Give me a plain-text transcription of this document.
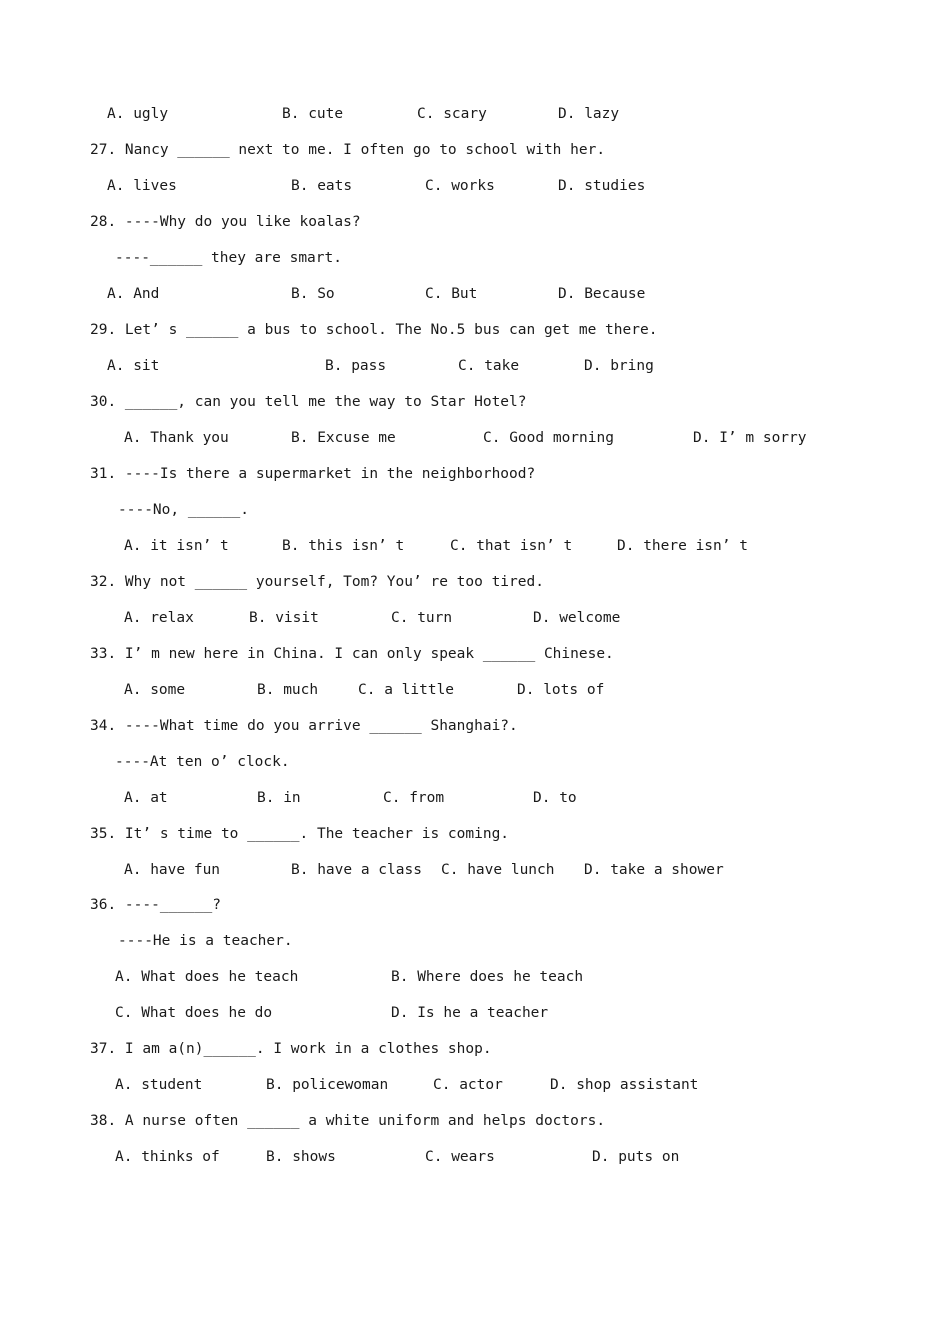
A. ugly	B. cute	C. scary	D. lazy
27. Nancy ______ next to me. I often go to school with her.
A. lives	B. eats	C. works	D. studies
28. ----Why do you like koalas?
----______ they are smart.
A. And	B. So	C. But	D. Because
29. Let’ s ______ a bus to school. The No.5 bus can get me there.
A. sit	B. pass	C. take	D. bring
30. ______, can you tell me the way to Star Hotel?
A. Thank you	B. Excuse me	C. Good morning	D. I’ m sorry
31. ----Is there a supermarket in the neighborhood?
----No, ______.
A. it isn’ t	B. this isn’ t	C. that isn’ t	D. there isn’ t
32. Why not ______ yourself, Tom? You’ re too tired.
A. relax	B. visit	C. turn	D. welcome
33. I’ m new here in China. I can only speak ______ Chinese.
A. some	B. much	C. a little	D. lots of
34. ----What time do you arrive ______ Shanghai?.
----At ten o’ clock.
A. at	B. in	C. from	D. to
35. It’ s time to ______. The teacher is coming.
A. have fun	B. have a class C. have lunch D. take a shower
36. ----______?
----He is a teacher.
A. What does he teach	B. Where does he teach
C. What does he do	D. Is he a teacher
37. I am a(n)______. I work in a clothes shop.
A. student	B. policewoman	C. actor	D. shop assistant
38. A nurse often ______ a white uniform and helps doctors.
A. thinks of	B. shows	C. wears	D. puts on
